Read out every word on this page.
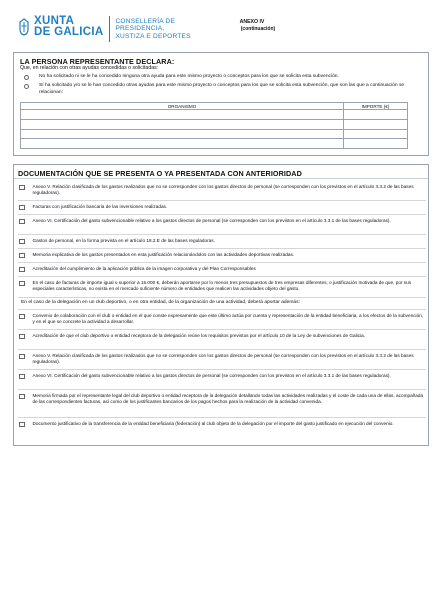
XUNTA
DE GALICIA
CONSELLERÍA DE
PRESIDENCIA,
XUSTIZA E DEPORTES
ANEXO IV
(continuación)
LA PERSONA REPRESENTANTE DECLARA:
Que, en relación con otras ayudas concedidas o solicitadas:
No ha solicitado ni se le ha concedido ninguna otra ayuda para este mismo proyecto o conceptos para los que se solicita esta subvención.
Sí ha solicitado y/o se le han concedido otras ayudas para este mismo proyecto o conceptos para los que se solicita esta subvención, que son las que a continuación se relacionan:
ORGANISMO	IMPORTE (€)

DOCUMENTACIÓN QUE SE PRESENTA O YA PRESENTADA CON ANTERIORIDAD
Anexo V. Relación clasificada de los gastos realizados que no se corresponden con los gastos directos de personal (se corresponden con los previstos en el artículo 3.3.2 de las bases reguladoras).
Facturas con justificación bancaria de las inversiones realizadas.
Anexo VI. Certificación del gasto subvencionable relativo a los gastos directos de personal (se corresponden con los previstos en el artículo 3.3.1 de las bases reguladoras).
Gastos de personal, en la forma prevista en el artículo 18.2.E de las bases reguladoras.
Memoria explicativa de los gastos presentados en esta justificación relacionándolos con las actividades deportivas realizadas.
Acreditación del cumplimiento de la aplicación pública de la imagen corporativa y del Plan Corresponsables
En el caso de facturas de importe igual o superior a 15.000 €, deberán aportarse por lo menos tres presupuestos de tres empresas diferentes, o justificación motivada de que, por sus especiales características, no exista en el mercado suficiente número de entidades que realicen las actividades objeto del gasto.
En el caso de la delegación en un club deportivo, o en otra entidad, de la organización de una actividad, deberá aportar además:
Convenio de colaboración con el club o entidad en el que conste expresamente que este último actúa por cuenta y representación de la entidad beneficiaria, a los efectos de la subvención, y en el que se concrete la actividad a desarrollar.
Acreditación de que el club deportivo o entidad receptora de la delegación reúne los requisitos previstos por el artículo 10 de la Ley de subvenciones de Galicia.
Anexo V. Relación clasificada de los gastos realizados que no se corresponden con los gastos directos de personal (se corresponden con los previstos en el artículo 3.3.2 de las bases reguladoras).
Anexo VI. Certificación del gasto subvencionable relativo a los gastos directos de personal (se corresponden con los previstos en el artículo 3.3.1 de las bases reguladoras).
Memoria firmada por el representante legal del club deportivo o entidad receptora de la delegación detallando todas las actividades realizadas y el coste de cada una de ellas, acompañada de las correspondientes facturas, así como de los justificantes bancarios de los pagos hechos para la realización de la actividad convenida.
Documento justificativo de la transferencia de la entidad beneficiaria (federación) al club objeto de la delegación por el importe del gasto justificado en ejecución del convenio.
